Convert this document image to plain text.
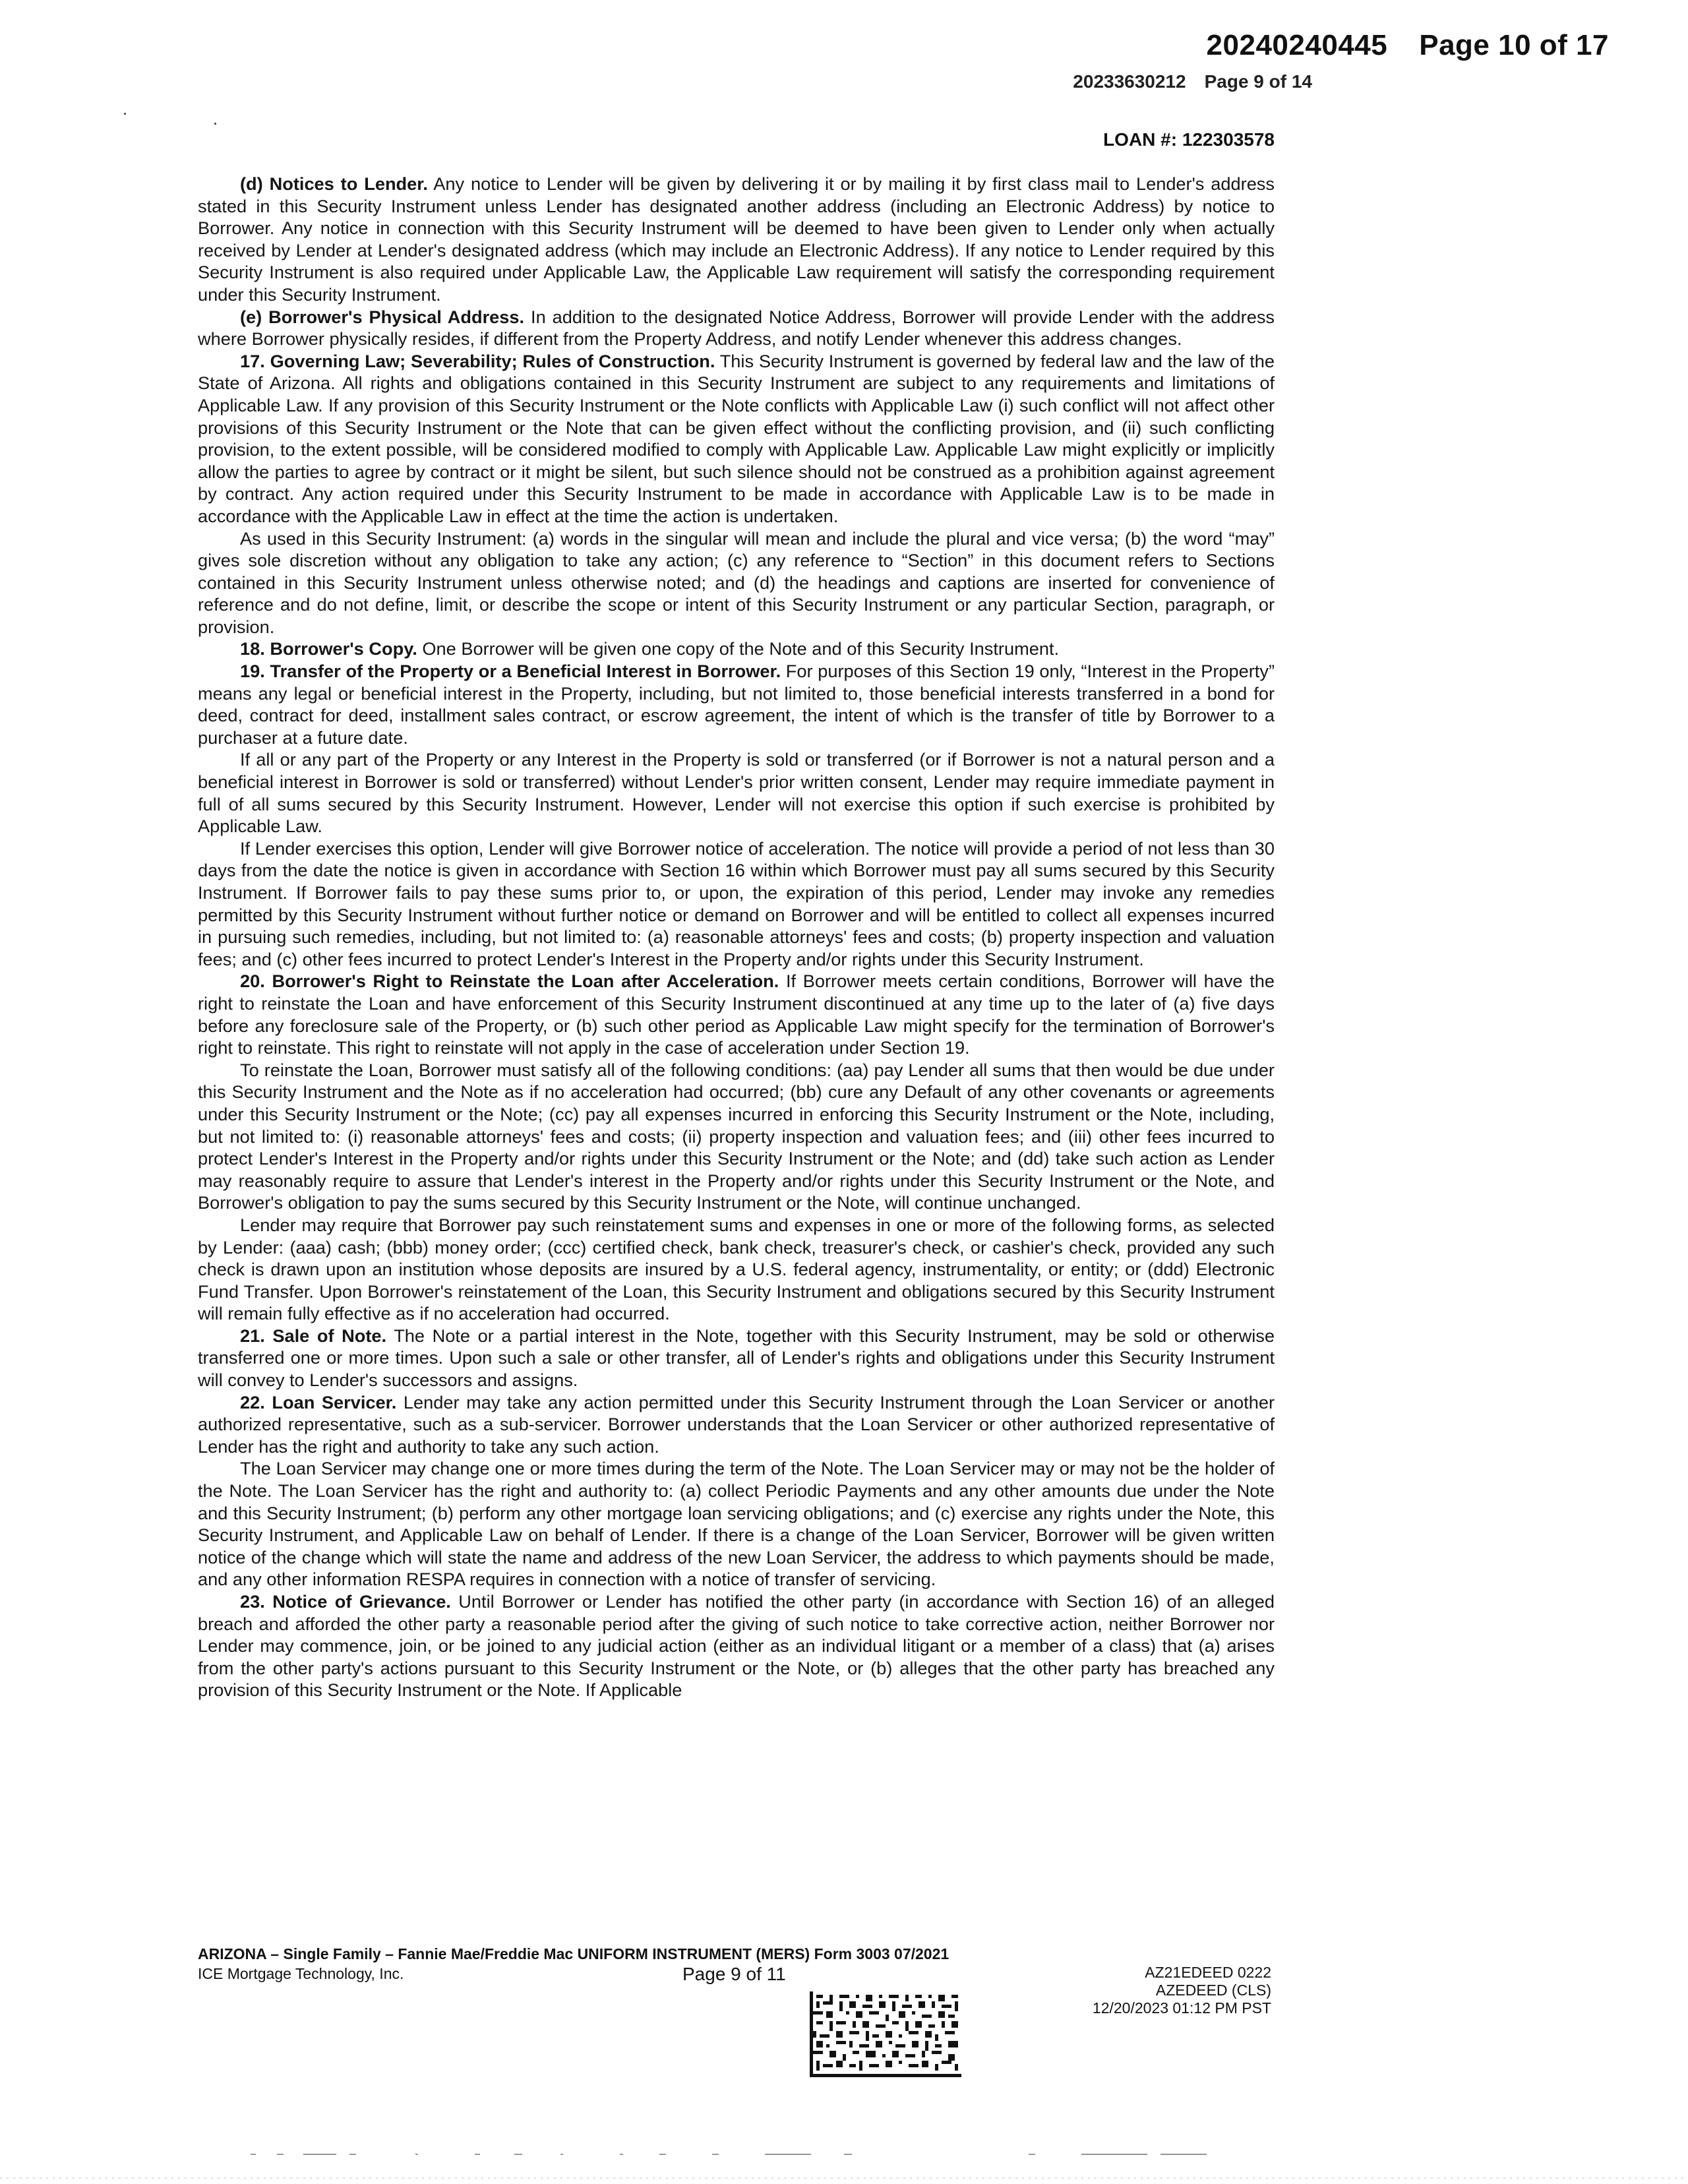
20240240445 Page 10 of 17
20233630212 Page 9 of 14
LOAN #: 122303578

(d) Notices to Lender. Any notice to Lender will be given by delivering it or by mailing it by first class mail to Lender's address stated in this Security Instrument unless Lender has designated another address (including an Electronic Address) by notice to Borrower. Any notice in connection with this Security Instrument will be deemed to have been given to Lender only when actually received by Lender at Lender's designated address (which may include an Electronic Address). If any notice to Lender required by this Security Instrument is also required under Applicable Law, the Applicable Law requirement will satisfy the corresponding requirement under this Security Instrument.

(e) Borrower's Physical Address. In addition to the designated Notice Address, Borrower will provide Lender with the address where Borrower physically resides, if different from the Property Address, and notify Lender whenever this address changes.

17. Governing Law; Severability; Rules of Construction. This Security Instrument is governed by federal law and the law of the State of Arizona. All rights and obligations contained in this Security Instrument are subject to any requirements and limitations of Applicable Law. If any provision of this Security Instrument or the Note conflicts with Applicable Law (i) such conflict will not affect other provisions of this Security Instrument or the Note that can be given effect without the conflicting provision, and (ii) such conflicting provision, to the extent possible, will be considered modified to comply with Applicable Law. Applicable Law might explicitly or implicitly allow the parties to agree by contract or it might be silent, but such silence should not be construed as a prohibition against agreement by contract. Any action required under this Security Instrument to be made in accordance with Applicable Law is to be made in accordance with the Applicable Law in effect at the time the action is undertaken.

As used in this Security Instrument: (a) words in the singular will mean and include the plural and vice versa; (b) the word “may” gives sole discretion without any obligation to take any action; (c) any reference to “Section” in this document refers to Sections contained in this Security Instrument unless otherwise noted; and (d) the headings and captions are inserted for convenience of reference and do not define, limit, or describe the scope or intent of this Security Instrument or any particular Section, paragraph, or provision.

18. Borrower's Copy. One Borrower will be given one copy of the Note and of this Security Instrument.

19. Transfer of the Property or a Beneficial Interest in Borrower. For purposes of this Section 19 only, “Interest in the Property” means any legal or beneficial interest in the Property, including, but not limited to, those beneficial interests transferred in a bond for deed, contract for deed, installment sales contract, or escrow agreement, the intent of which is the transfer of title by Borrower to a purchaser at a future date.

If all or any part of the Property or any Interest in the Property is sold or transferred (or if Borrower is not a natural person and a beneficial interest in Borrower is sold or transferred) without Lender's prior written consent, Lender may require immediate payment in full of all sums secured by this Security Instrument. However, Lender will not exercise this option if such exercise is prohibited by Applicable Law.

If Lender exercises this option, Lender will give Borrower notice of acceleration. The notice will provide a period of not less than 30 days from the date the notice is given in accordance with Section 16 within which Borrower must pay all sums secured by this Security Instrument. If Borrower fails to pay these sums prior to, or upon, the expiration of this period, Lender may invoke any remedies permitted by this Security Instrument without further notice or demand on Borrower and will be entitled to collect all expenses incurred in pursuing such remedies, including, but not limited to: (a) reasonable attorneys' fees and costs; (b) property inspection and valuation fees; and (c) other fees incurred to protect Lender's Interest in the Property and/or rights under this Security Instrument.

20. Borrower's Right to Reinstate the Loan after Acceleration. If Borrower meets certain conditions, Borrower will have the right to reinstate the Loan and have enforcement of this Security Instrument discontinued at any time up to the later of (a) five days before any foreclosure sale of the Property, or (b) such other period as Applicable Law might specify for the termination of Borrower's right to reinstate. This right to reinstate will not apply in the case of acceleration under Section 19.

To reinstate the Loan, Borrower must satisfy all of the following conditions: (aa) pay Lender all sums that then would be due under this Security Instrument and the Note as if no acceleration had occurred; (bb) cure any Default of any other covenants or agreements under this Security Instrument or the Note; (cc) pay all expenses incurred in enforcing this Security Instrument or the Note, including, but not limited to: (i) reasonable attorneys' fees and costs; (ii) property inspection and valuation fees; and (iii) other fees incurred to protect Lender's Interest in the Property and/or rights under this Security Instrument or the Note; and (dd) take such action as Lender may reasonably require to assure that Lender's interest in the Property and/or rights under this Security Instrument or the Note, and Borrower's obligation to pay the sums secured by this Security Instrument or the Note, will continue unchanged.

Lender may require that Borrower pay such reinstatement sums and expenses in one or more of the following forms, as selected by Lender: (aaa) cash; (bbb) money order; (ccc) certified check, bank check, treasurer's check, or cashier's check, provided any such check is drawn upon an institution whose deposits are insured by a U.S. federal agency, instrumentality, or entity; or (ddd) Electronic Fund Transfer. Upon Borrower's reinstatement of the Loan, this Security Instrument and obligations secured by this Security Instrument will remain fully effective as if no acceleration had occurred.

21. Sale of Note. The Note or a partial interest in the Note, together with this Security Instrument, may be sold or otherwise transferred one or more times. Upon such a sale or other transfer, all of Lender's rights and obligations under this Security Instrument will convey to Lender's successors and assigns.

22. Loan Servicer. Lender may take any action permitted under this Security Instrument through the Loan Servicer or another authorized representative, such as a sub-servicer. Borrower understands that the Loan Servicer or other authorized representative of Lender has the right and authority to take any such action.

The Loan Servicer may change one or more times during the term of the Note. The Loan Servicer may or may not be the holder of the Note. The Loan Servicer has the right and authority to: (a) collect Periodic Payments and any other amounts due under the Note and this Security Instrument; (b) perform any other mortgage loan servicing obligations; and (c) exercise any rights under the Note, this Security Instrument, and Applicable Law on behalf of Lender. If there is a change of the Loan Servicer, Borrower will be given written notice of the change which will state the name and address of the new Loan Servicer, the address to which payments should be made, and any other information RESPA requires in connection with a notice of transfer of servicing.

23. Notice of Grievance. Until Borrower or Lender has notified the other party (in accordance with Section 16) of an alleged breach and afforded the other party a reasonable period after the giving of such notice to take corrective action, neither Borrower nor Lender may commence, join, or be joined to any judicial action (either as an individual litigant or a member of a class) that (a) arises from the other party's actions pursuant to this Security Instrument or the Note, or (b) alleges that the other party has breached any provision of this Security Instrument or the Note. If Applicable

ARIZONA – Single Family – Fannie Mae/Freddie Mac UNIFORM INSTRUMENT (MERS) Form 3003 07/2021
ICE Mortgage Technology, Inc.	Page 9 of 11	AZ21EDEED 0222
AZEDEED (CLS)
12/20/2023 01:12 PM PST
